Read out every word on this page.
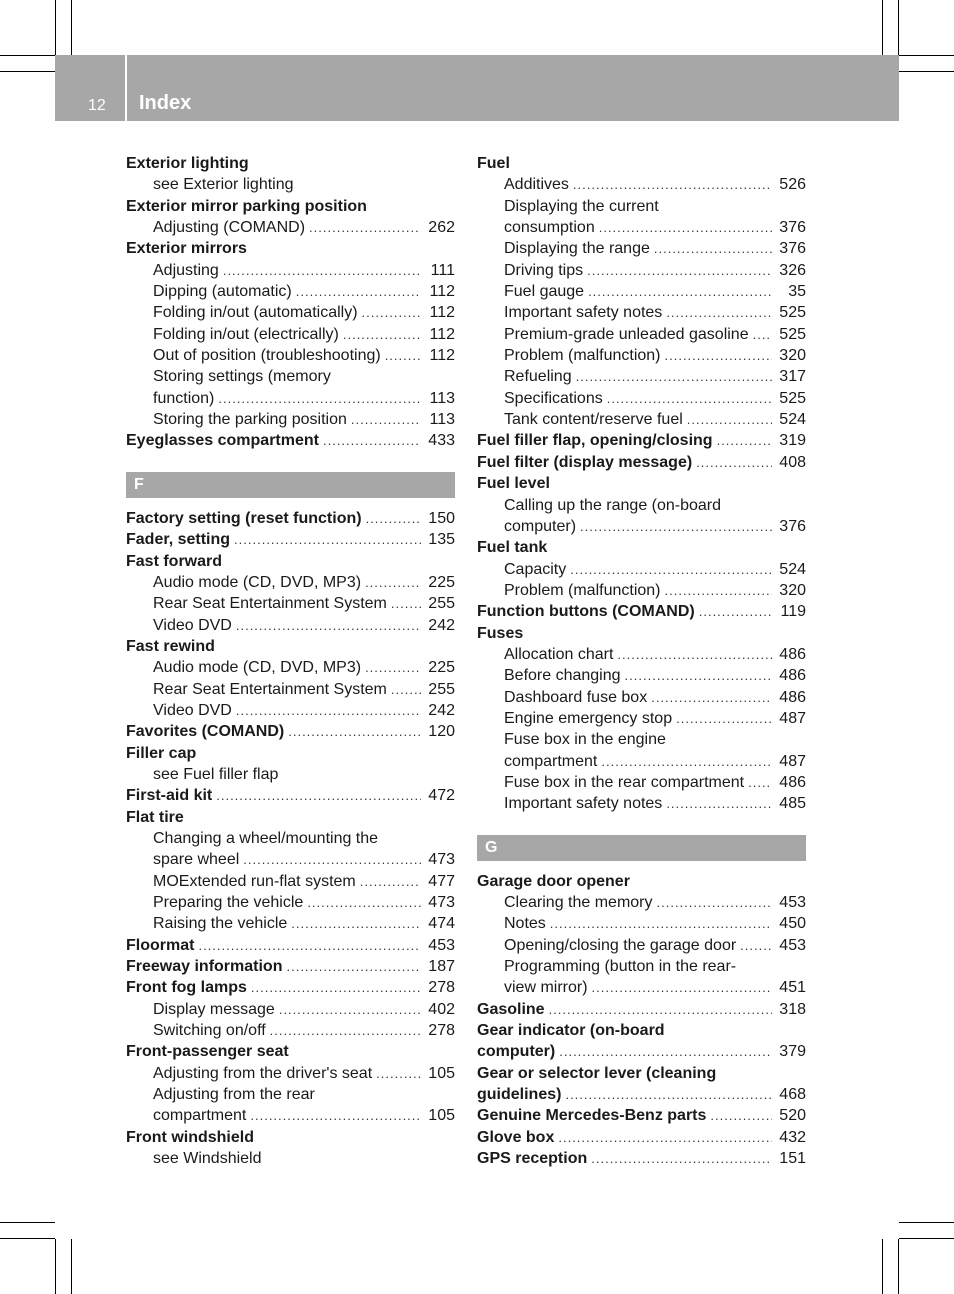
12 Index
Exterior lighting
see Exterior lighting
Exterior mirror parking position
Adjusting (COMAND) .....	262
Exterior mirrors
Adjusting .....	111
Dipping (automatic) .....	112
Folding in/out (automatically) .....	112
Folding in/out (electrically) .....	112
Out of position (troubleshooting) .....	112
Storing settings (memory
function) .....	113
Storing the parking position .....	113
Eyeglasses compartment .....	433
F
Factory setting (reset function) .....	150
Fader, setting .....	135
Fast forward
Audio mode (CD, DVD, MP3) .....	225
Rear Seat Entertainment System .....	255
Video DVD .....	242
Fast rewind
Audio mode (CD, DVD, MP3) .....	225
Rear Seat Entertainment System .....	255
Video DVD .....	242
Favorites (COMAND) .....	120
Filler cap
see Fuel filler flap
First-aid kit .....	472
Flat tire
Changing a wheel/mounting the
spare wheel .....	473
MOExtended run-flat system .....	477
Preparing the vehicle .....	473
Raising the vehicle .....	474
Floormat .....	453
Freeway information .....	187
Front fog lamps .....	278
Display message .....	402
Switching on/off .....	278
Front-passenger seat
Adjusting from the driver's seat .....	105
Adjusting from the rear
compartment .....	105
Front windshield
see Windshield
Fuel
Additives .....	526
Displaying the current
consumption .....	376
Displaying the range .....	376
Driving tips .....	326
Fuel gauge .....	35
Important safety notes .....	525
Premium-grade unleaded gasoline ..... 525
Problem (malfunction) .....	320
Refueling .....	317
Specifications .....	525
Tank content/reserve fuel .....	524
Fuel filler flap, opening/closing .....	319
Fuel filter (display message) .....	408
Fuel level
Calling up the range (on-board
computer) .....	376
Fuel tank
Capacity .....	524
Problem (malfunction) .....	320
Function buttons (COMAND) .....	119
Fuses
Allocation chart .....	486
Before changing .....	486
Dashboard fuse box .....	486
Engine emergency stop .....	487
Fuse box in the engine
compartment .....	487
Fuse box in the rear compartment ..... 486
Important safety notes .....	485
G
Garage door opener
Clearing the memory .....	453
Notes .....	450
Opening/closing the garage door .....	453
Programming (button in the rear-
view mirror) .....	451
Gasoline .....	318
Gear indicator (on-board
computer) .....	379
Gear or selector lever (cleaning
guidelines) .....	468
Genuine Mercedes-Benz parts .....	520
Glove box .....	432
GPS reception .....	151
